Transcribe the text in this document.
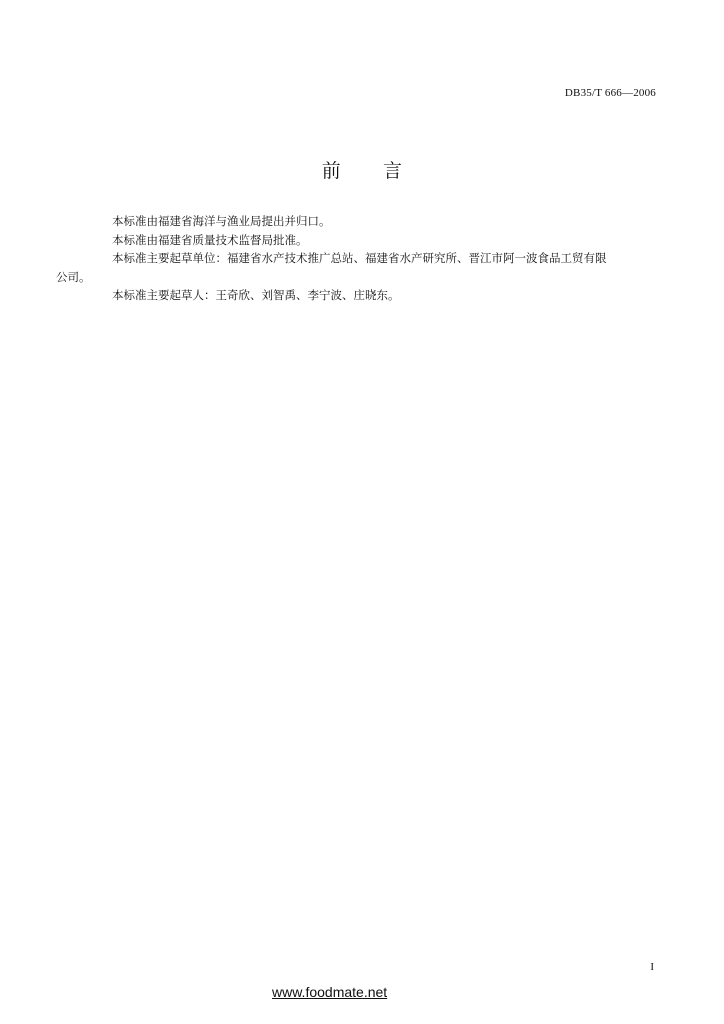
DB35/T 666—2006
前 言

本标准由福建省海洋与渔业局提出并归口。

本标准由福建省质量技术监督局批准。

本标准主要起草单位：福建省水产技术推广总站、福建省水产研究所、晋江市阿一波食品工贸有限
公司。

本标准主要起草人：王奇欣、刘智禹、李宁波、庄晓东。

I
www.foodmate.net
